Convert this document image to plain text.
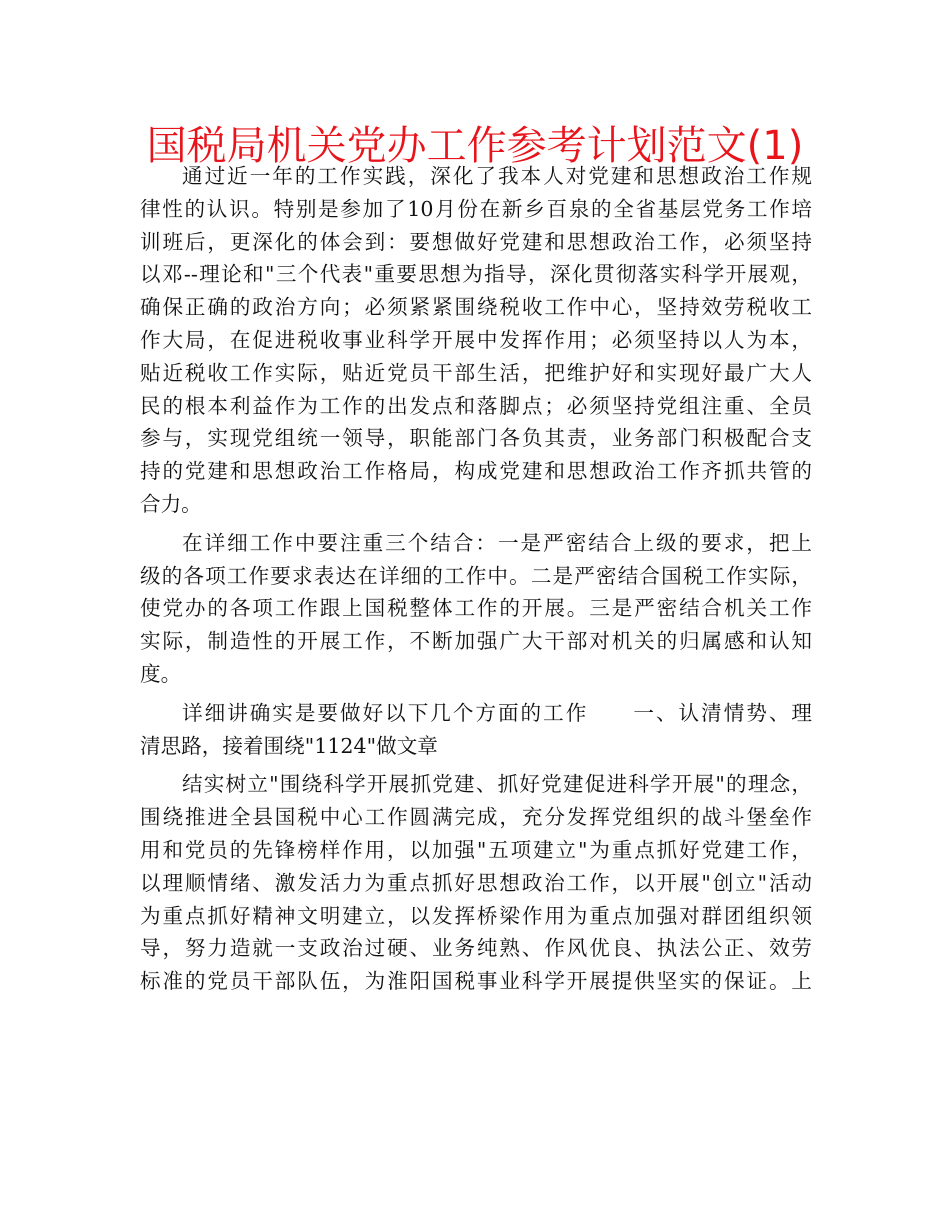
国税局机关党办工作参考计划范文(1)

通过近一年的工作实践，深化了我本人对党建和思想政治工作规
律性的认识。特别是参加了10月份在新乡百泉的全省基层党务工作培
训班后，更深化的体会到：要想做好党建和思想政治工作，必须坚持
以邓--理论和"三个代表"重要思想为指导，深化贯彻落实科学开展观，
确保正确的政治方向；必须紧紧围绕税收工作中心，坚持效劳税收工
作大局，在促进税收事业科学开展中发挥作用；必须坚持以人为本，
贴近税收工作实际，贴近党员干部生活，把维护好和实现好最广大人
民的根本利益作为工作的出发点和落脚点；必须坚持党组注重、全员
参与，实现党组统一领导，职能部门各负其责，业务部门积极配合支
持的党建和思想政治工作格局，构成党建和思想政治工作齐抓共管的
合力。

在详细工作中要注重三个结合：一是严密结合上级的要求，把上
级的各项工作要求表达在详细的工作中。二是严密结合国税工作实际，
使党办的各项工作跟上国税整体工作的开展。三是严密结合机关工作
实际，制造性的开展工作，不断加强广大干部对机关的归属感和认知
度。

详细讲确实是要做好以下几个方面的工作　　一、认清情势、理
清思路，接着围绕"1124"做文章

结实树立"围绕科学开展抓党建、抓好党建促进科学开展"的理念，
围绕推进全县国税中心工作圆满完成，充分发挥党组织的战斗堡垒作
用和党员的先锋榜样作用，以加强"五项建立"为重点抓好党建工作，
以理顺情绪、激发活力为重点抓好思想政治工作，以开展"创立"活动
为重点抓好精神文明建立，以发挥桥梁作用为重点加强对群团组织领
导，努力造就一支政治过硬、业务纯熟、作风优良、执法公正、效劳
标准的党员干部队伍，为淮阳国税事业科学开展提供坚实的保证。上
